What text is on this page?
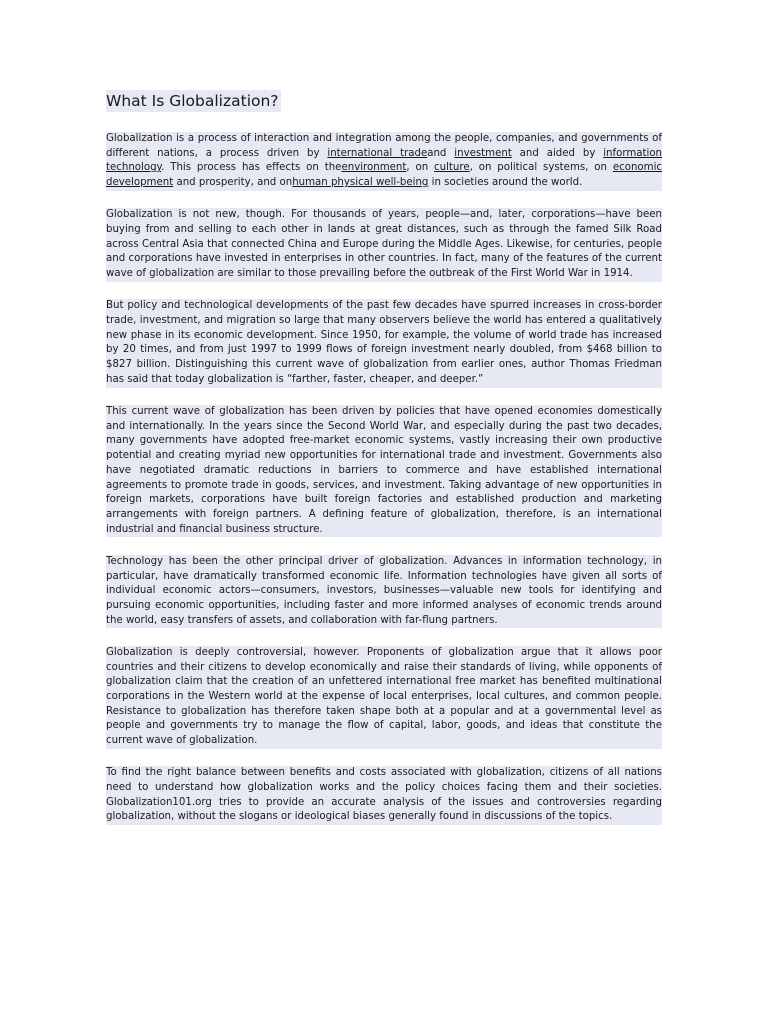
What Is Globalization?
Globalization is a process of interaction and integration among the people, companies, and governments of different nations, a process driven by international tradeand investment and aided by information technology. This process has effects on theenvironment, on culture, on political systems, on economic development and prosperity, and onhuman physical well-being in societies around the world.
Globalization is not new, though. For thousands of years, people—and, later, corporations—have been buying from and selling to each other in lands at great distances, such as through the famed Silk Road across Central Asia that connected China and Europe during the Middle Ages. Likewise, for centuries, people and corporations have invested in enterprises in other countries. In fact, many of the features of the current wave of globalization are similar to those prevailing before the outbreak of the First World War in 1914.
But policy and technological developments of the past few decades have spurred increases in cross-border trade, investment, and migration so large that many observers believe the world has entered a qualitatively new phase in its economic development. Since 1950, for example, the volume of world trade has increased by 20 times, and from just 1997 to 1999 flows of foreign investment nearly doubled, from $468 billion to $827 billion. Distinguishing this current wave of globalization from earlier ones, author Thomas Friedman has said that today globalization is “farther, faster, cheaper, and deeper.”
This current wave of globalization has been driven by policies that have opened economies domestically and internationally. In the years since the Second World War, and especially during the past two decades, many governments have adopted free-market economic systems, vastly increasing their own productive potential and creating myriad new opportunities for international trade and investment. Governments also have negotiated dramatic reductions in barriers to commerce and have established international agreements to promote trade in goods, services, and investment. Taking advantage of new opportunities in foreign markets, corporations have built foreign factories and established production and marketing arrangements with foreign partners. A defining feature of globalization, therefore, is an international industrial and financial business structure.
Technology has been the other principal driver of globalization. Advances in information technology, in particular, have dramatically transformed economic life. Information technologies have given all sorts of individual economic actors—consumers, investors, businesses—valuable new tools for identifying and pursuing economic opportunities, including faster and more informed analyses of economic trends around the world, easy transfers of assets, and collaboration with far-flung partners.
Globalization is deeply controversial, however. Proponents of globalization argue that it allows poor countries and their citizens to develop economically and raise their standards of living, while opponents of globalization claim that the creation of an unfettered international free market has benefited multinational corporations in the Western world at the expense of local enterprises, local cultures, and common people. Resistance to globalization has therefore taken shape both at a popular and at a governmental level as people and governments try to manage the flow of capital, labor, goods, and ideas that constitute the current wave of globalization.
To find the right balance between benefits and costs associated with globalization, citizens of all nations need to understand how globalization works and the policy choices facing them and their societies. Globalization101.org tries to provide an accurate analysis of the issues and controversies regarding globalization, without the slogans or ideological biases generally found in discussions of the topics.
